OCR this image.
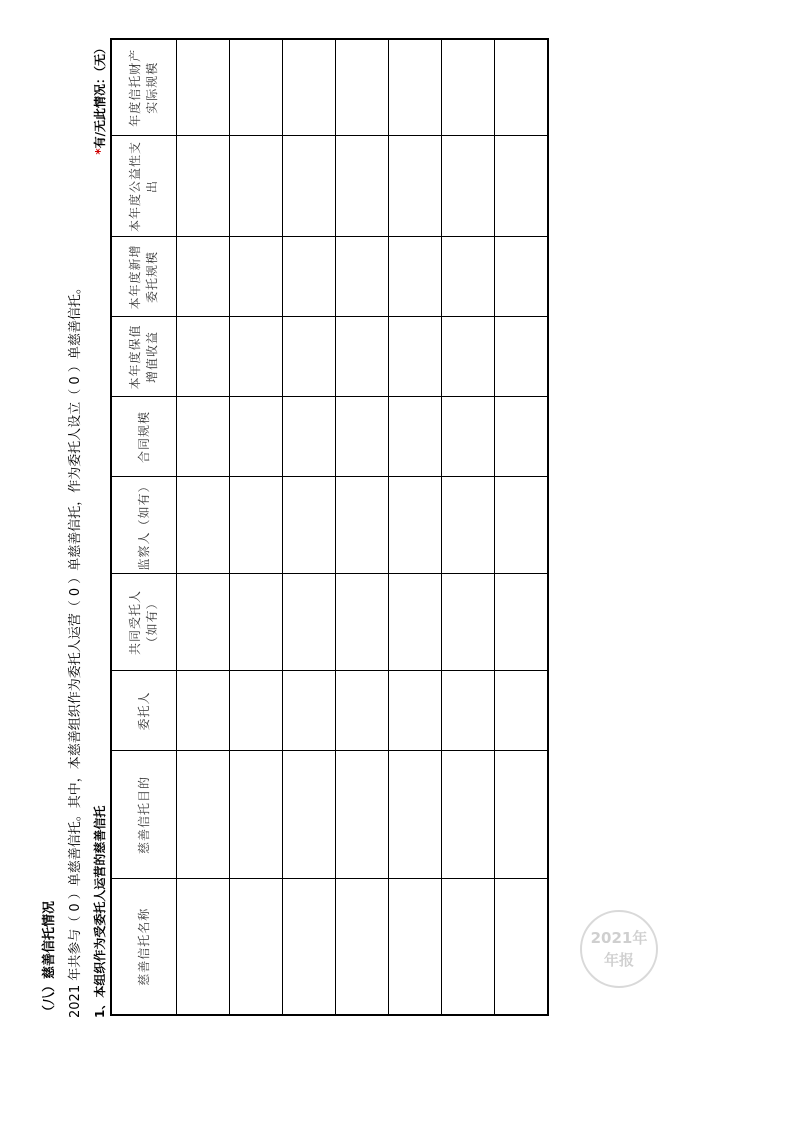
（八）慈善信托情况 2021 年共参与（ 0 ）单慈善信托。其中，本慈善组织作为委托人运营（ 0 ）单慈善信托，作为委托人设立（ 0 ）单慈善信托。 1、本组织作为受委托人运营的慈善信托
*有/无此情况：（无）
慈善信托名称	慈善信托目的	委托人	共同受托人（如有）	监察人（如有）	合同规模	本年度保值增值收益	本年度新增委托规模	本年度公益性支出	年度信托财产实际规模

2021年
年报
